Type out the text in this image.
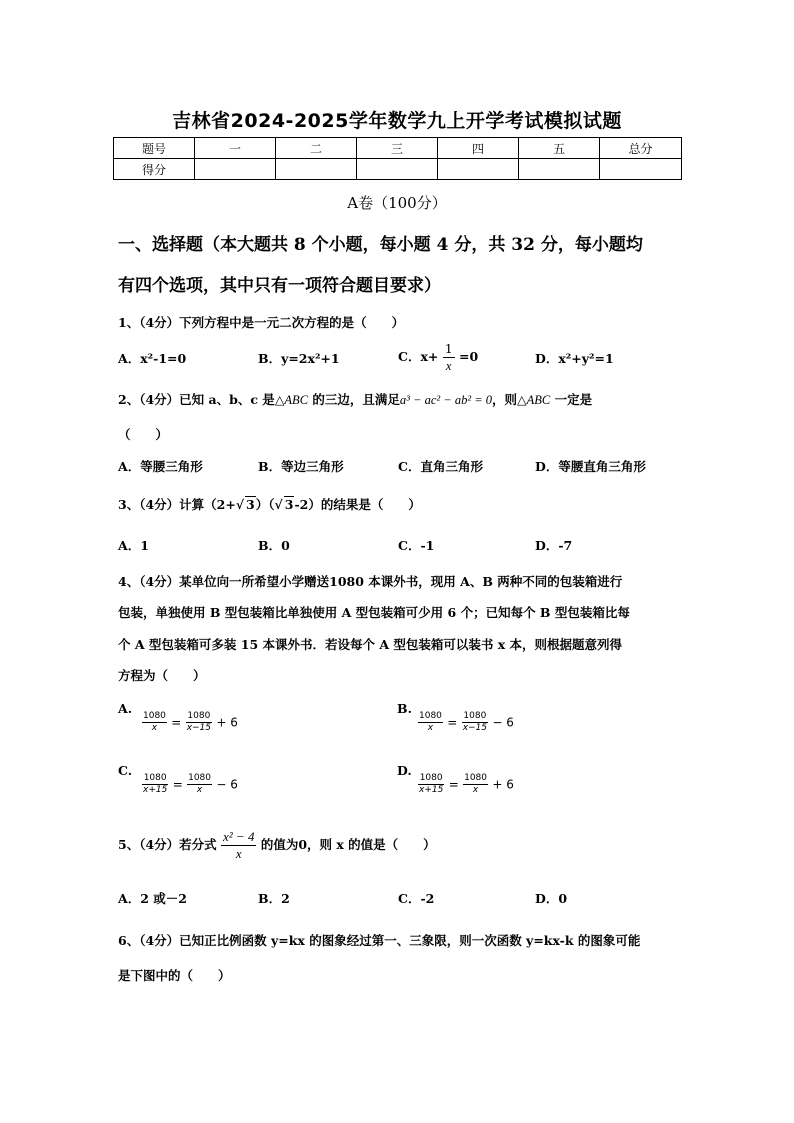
吉林省2024-2025学年数学九上开学考试模拟试题
题号	一	二	三	四	五	总分
得分						
A卷（100分）
一、选择题（本大题共 8 个小题，每小题 4 分，共 32 分，每小题均
有四个选项，其中只有一项符合题目要求）
1、（4分）下列方程中是一元二次方程的是（　　）
A．x²-1=0	B．y=2x²+1	C．$x+ \frac{1}{x} =0$	D．x²+y²=1
2、（4分）已知 a、b、c 是△ABC 的三边，且满足a³ − ac² − ab² = 0，则△ABC 一定是
（　　）
A．等腰三角形	B．等边三角形	C．直角三角形	D．等腰直角三角形
3、（4分）计算（2+√ 3）（√ 3-2）的结果是（　　）
A．1	B．0	C．-1	D．-7
4、（4分）某单位向一所希望小学赠送1080 本课外书，现用 A、B 两种不同的包装箱进行
包装，单独使用 B 型包装箱比单独使用 A 型包装箱可少用 6 个；已知每个 B 型包装箱比每
个 A 型包装箱可多装 15 本课外书．若设每个 A 型包装箱可以装书 x 本，则根据题意列得
方程为（　　）
A.
$\frac{1080}{x} = \frac{1080}{x-15} + 6$
B.
$\frac{1080}{x} = \frac{1080}{x-15} - 6$
C.
$\frac{1080}{x+15} = \frac{1080}{x} - 6$
D.
$\frac{1080}{x+15} = \frac{1080}{x} + 6$
5、（4分）若分式 $\frac{\text{x² − 4}}{x}$ 的值为0，则 x 的值是（　　）
A．2 或－2	B．2	C．-2	D．0
6、（4分）已知正比例函数 y=kx 的图象经过第一、三象限，则一次函数 y=kx-k 的图象可能
是下图中的（　　）
